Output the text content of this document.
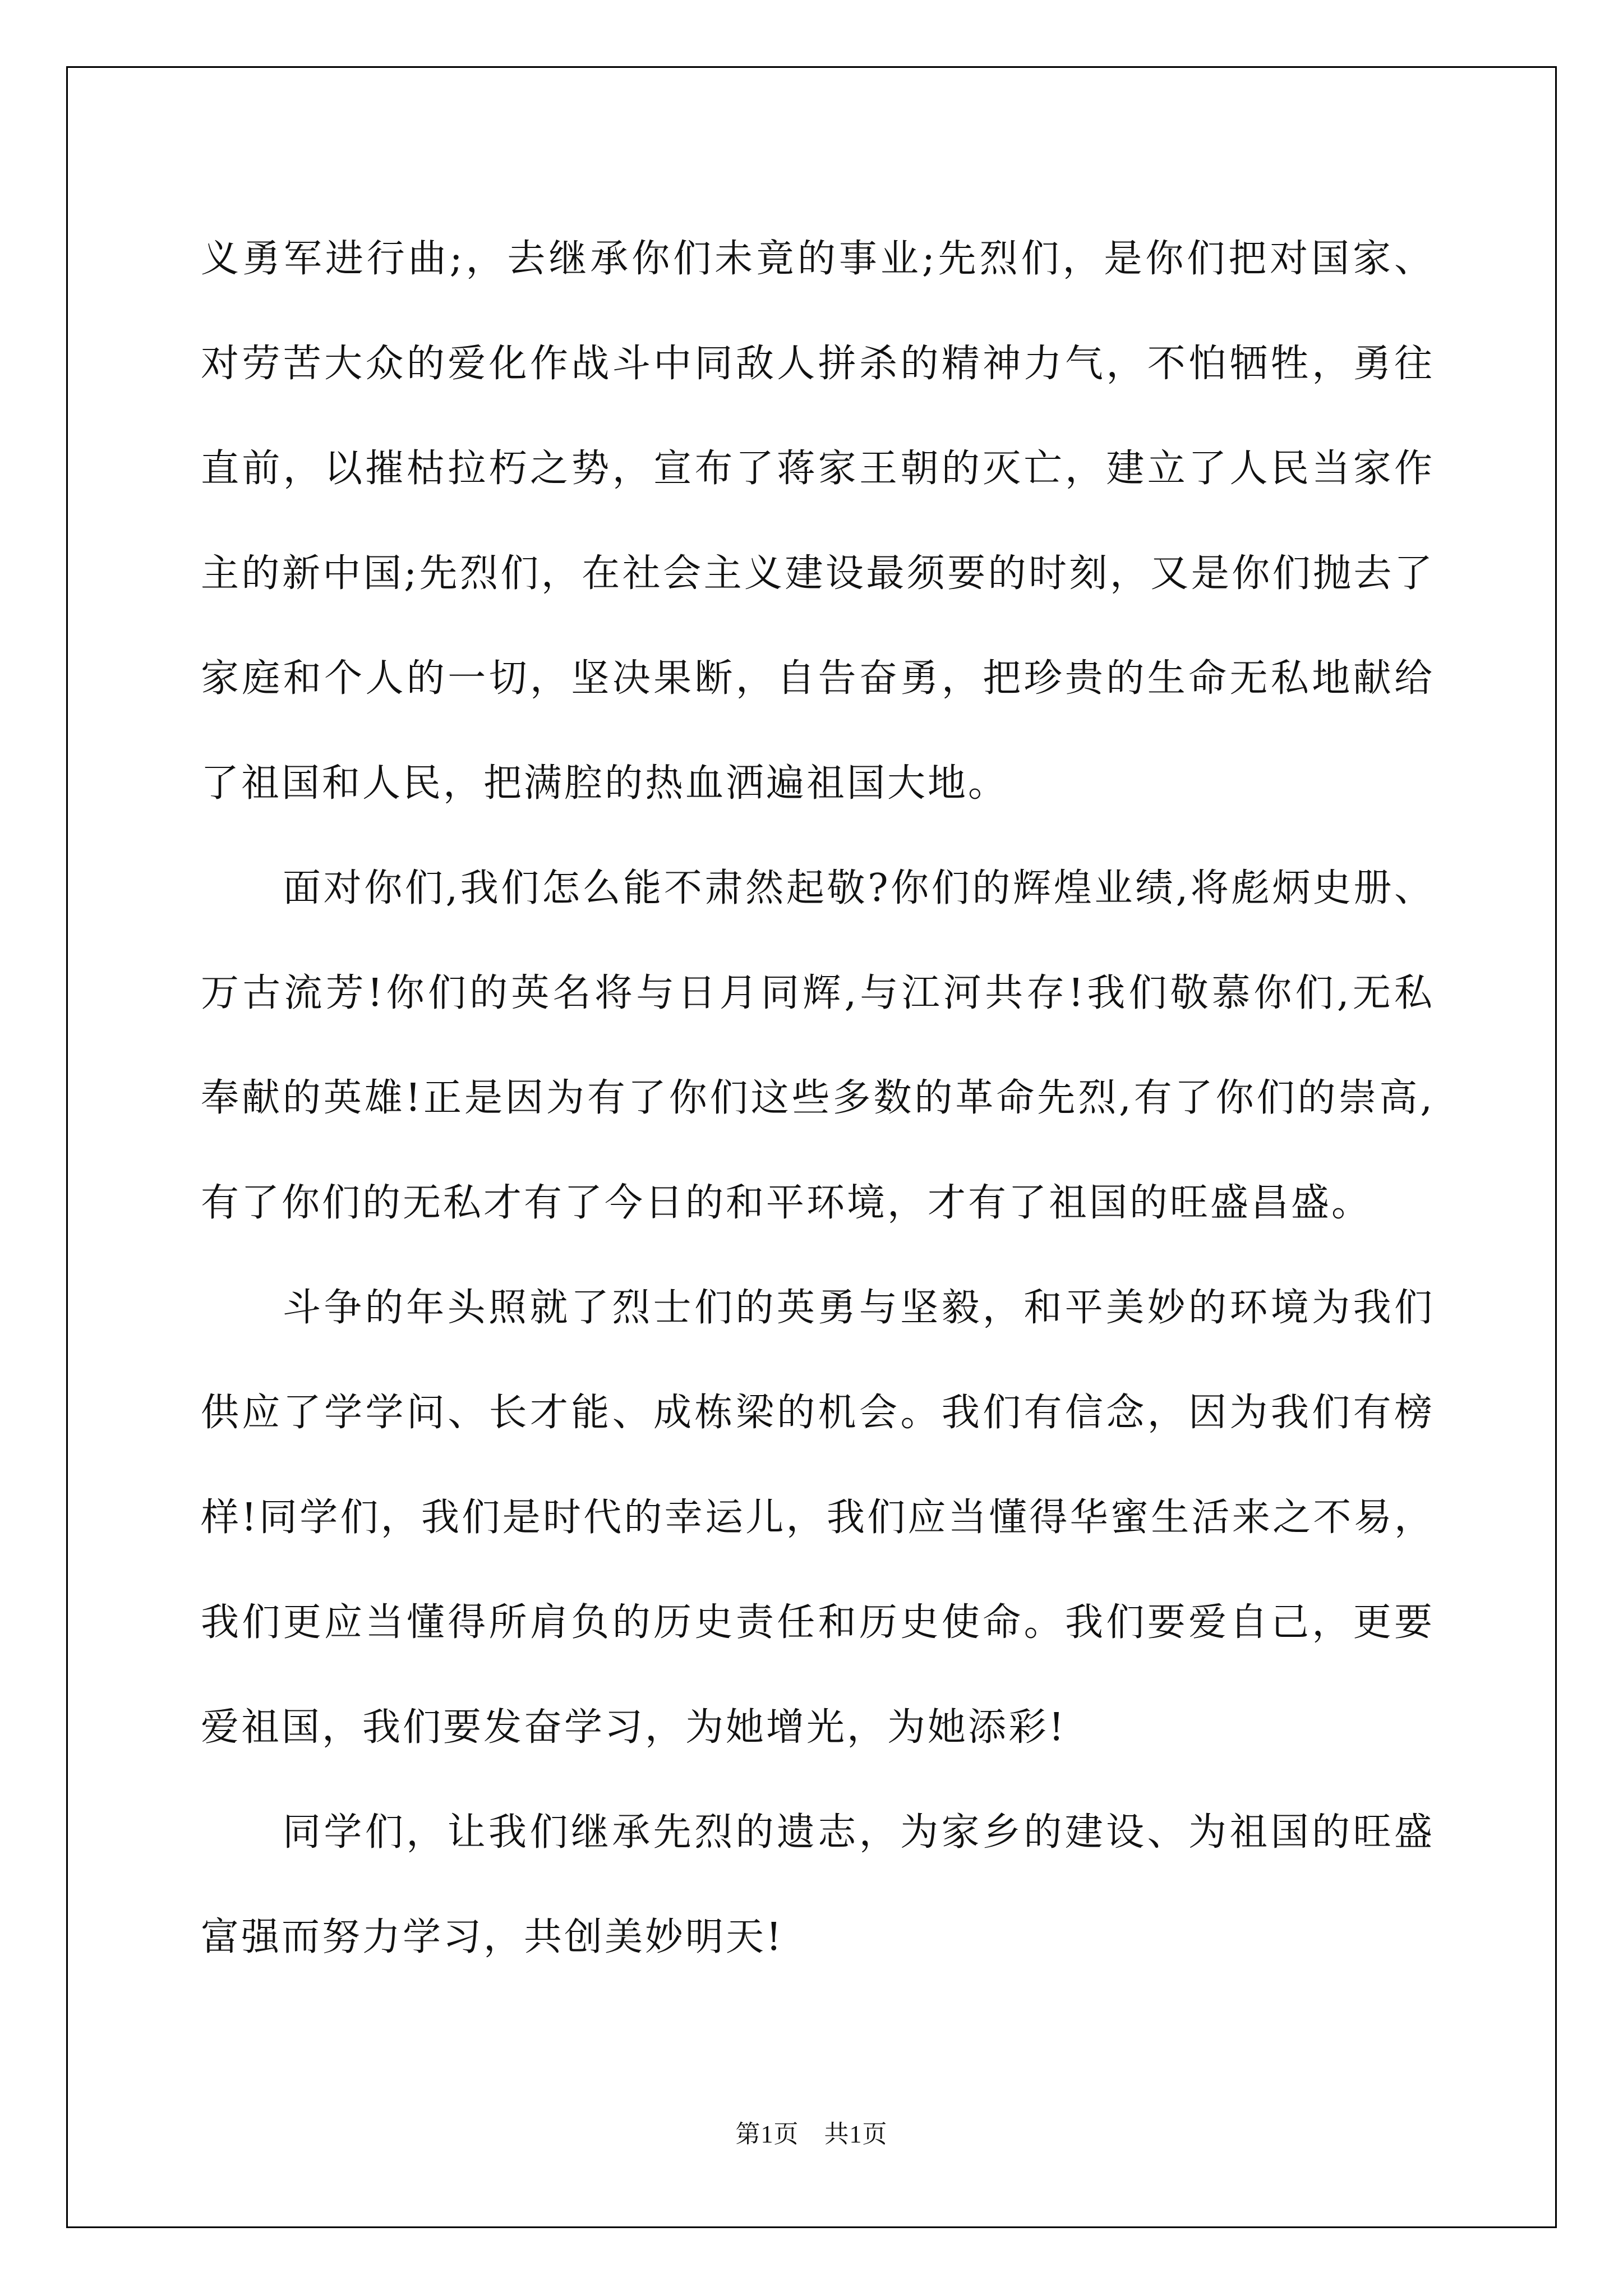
义勇军进行曲;，去继承你们未竟的事业;先烈们，是你们把对国家、对劳苦大众的爱化作战斗中同敌人拼杀的精神力气，不怕牺牲，勇往直前，以摧枯拉朽之势，宣布了蒋家王朝的灭亡，建立了人民当家作主的新中国;先烈们，在社会主义建设最须要的时刻，又是你们抛去了家庭和个人的一切，坚决果断，自告奋勇，把珍贵的生命无私地献给了祖国和人民，把满腔的热血洒遍祖国大地。

面对你们,我们怎么能不肃然起敬?你们的辉煌业绩,将彪炳史册、万古流芳!你们的英名将与日月同辉,与江河共存!我们敬慕你们,无私奉献的英雄!正是因为有了你们这些多数的革命先烈,有了你们的崇高,有了你们的无私才有了今日的和平环境，才有了祖国的旺盛昌盛。

斗争的年头照就了烈士们的英勇与坚毅，和平美妙的环境为我们供应了学学问、长才能、成栋梁的机会。我们有信念，因为我们有榜样!同学们，我们是时代的幸运儿，我们应当懂得华蜜生活来之不易，我们更应当懂得所肩负的历史责任和历史使命。我们要爱自己，更要爱祖国，我们要发奋学习，为她增光，为她添彩!

同学们，让我们继承先烈的遗志，为家乡的建设、为祖国的旺盛富强而努力学习，共创美妙明天!

第1页　共1页
